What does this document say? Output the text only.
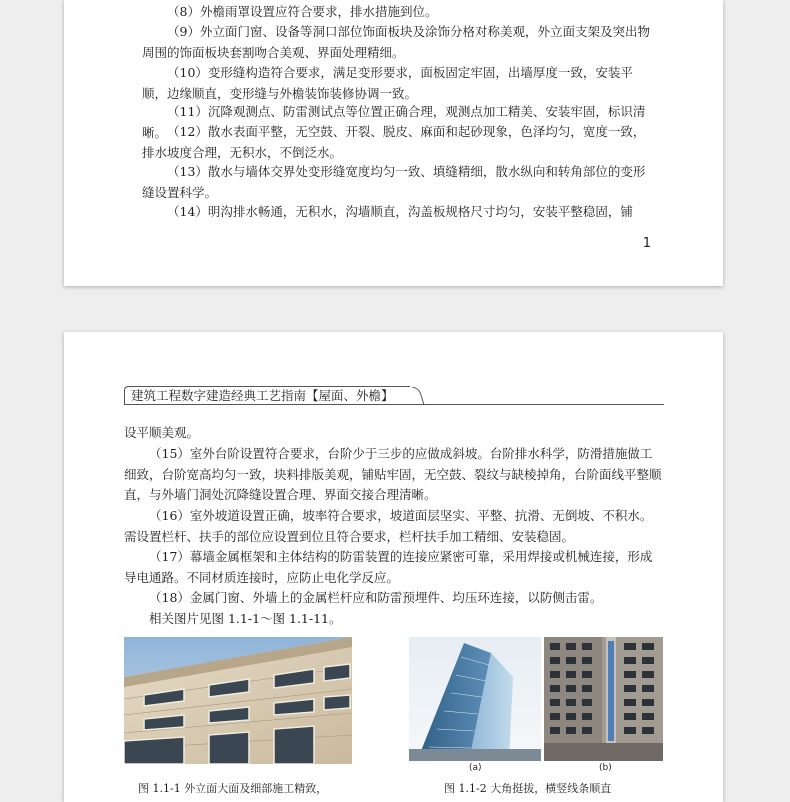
（8）外檐雨罩设置应符合要求，排水措施到位。

（9）外立面门窗、设备等洞口部位饰面板块及涂饰分格对称美观，外立面支架及突出物周围的饰面板块套割吻合美观、界面处理精细。

（10）变形缝构造符合要求，满足变形要求，面板固定牢固，出墙厚度一致，安装平顺，边缘顺直，变形缝与外檐装饰装修协调一致。

（11）沉降观测点、防雷测试点等位置正确合理，观测点加工精美、安装牢固，标识清晰。 （12）散水表面平整，无空鼓、开裂、脱皮、麻面和起砂现象，色泽均匀，宽度一致，排水坡度合理，无积水，不倒泛水。

（13）散水与墙体交界处变形缝宽度均匀一致、填缝精细，散水纵向和转角部位的变形缝设置科学。

（14）明沟排水畅通，无积水，沟墙顺直，沟盖板规格尺寸均匀，安装平整稳固，铺

1
建筑工程数字建造经典工艺指南【屋面、外檐】

设平顺美观。

（15）室外台阶设置符合要求，台阶少于三步的应做成斜坡。台阶排水科学，防滑措施做工细致，台阶宽高均匀一致，块料排版美观，铺贴牢固，无空鼓、裂纹与缺棱掉角，台阶面线平整顺直，与外墙门洞处沉降缝设置合理、界面交接合理清晰。

（16）室外坡道设置正确，坡率符合要求，坡道面层坚实、平整、抗滑、无倒坡、不积水。需设置栏杆、扶手的部位应设置到位且符合要求，栏杆扶手加工精细、安装稳固。

（17）幕墙金属框架和主体结构的防雷装置的连接应紧密可靠，采用焊接或机械连接，形成导电通路。不同材质连接时，应防止电化学反应。

（18）金属门窗、外墙上的金属栏杆应和防雷预埋件、均压环连接，以防侧击雷。

相关图片见图 1.1-1～图 1.1-11。

图 1.1-1 外立面大面及细部施工精致，
(a)	(b)
图 1.1-2 大角挺拔，横竖线条顺直
